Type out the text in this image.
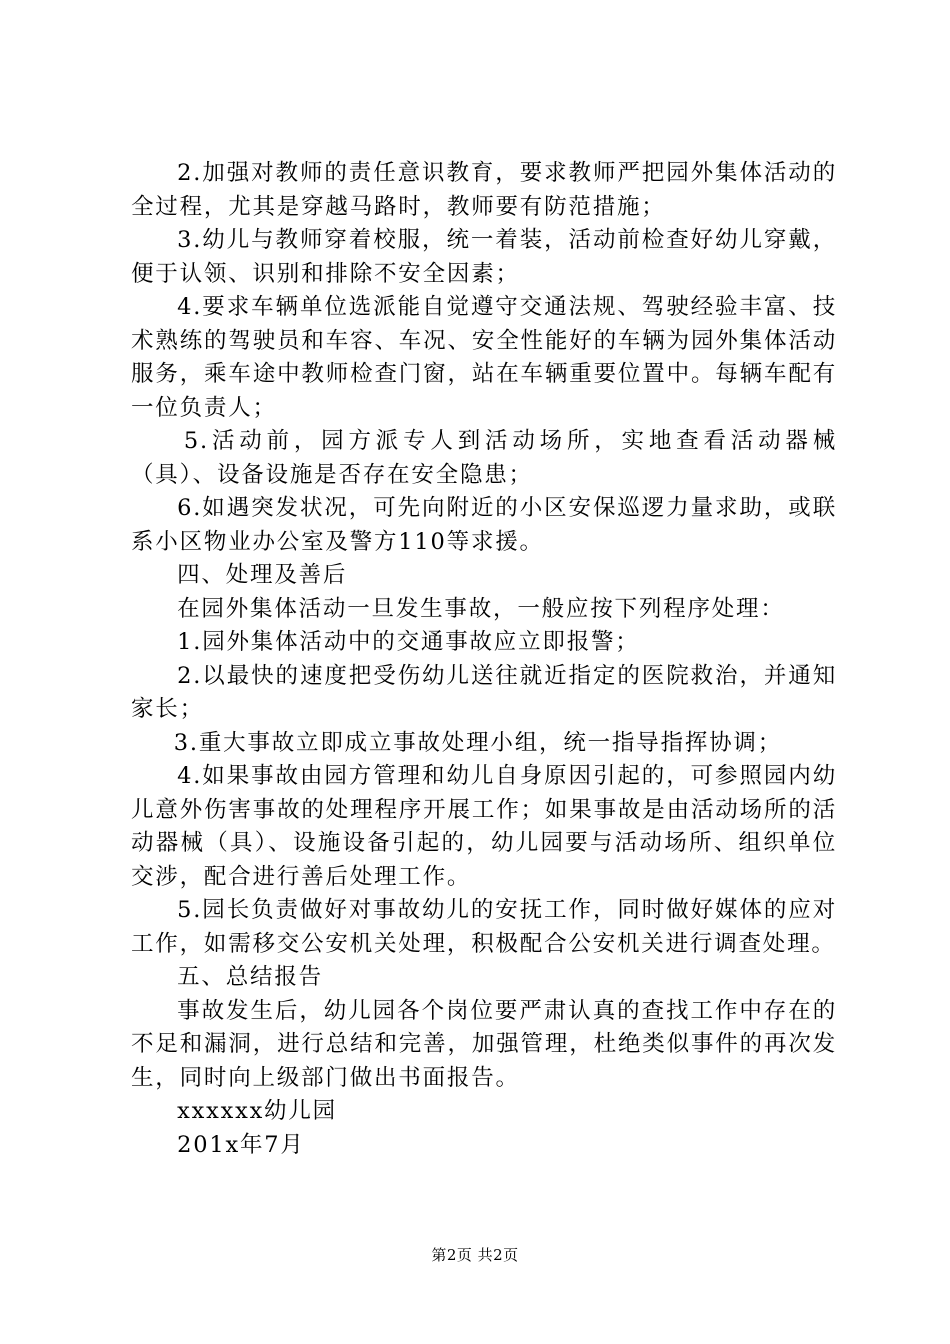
2.加强对教师的责任意识教育，要求教师严把园外集体活动的全过程，尤其是穿越马路时，教师要有防范措施；

3.幼儿与教师穿着校服，统一着装，活动前检查好幼儿穿戴，便于认领、识别和排除不安全因素；

4.要求车辆单位选派能自觉遵守交通法规、驾驶经验丰富、技术熟练的驾驶员和车容、车况、安全性能好的车辆为园外集体活动服务，乘车途中教师检查门窗，站在车辆重要位置中。每辆车配有一位负责人；

5.活动前，园方派专人到活动场所，实地查看活动器械（具）、设备设施是否存在安全隐患；

6.如遇突发状况，可先向附近的小区安保巡逻力量求助，或联系小区物业办公室及警方110等求援。

四、处理及善后

在园外集体活动一旦发生事故，一般应按下列程序处理：

1.园外集体活动中的交通事故应立即报警；

2.以最快的速度把受伤幼儿送往就近指定的医院救治，并通知家长；

3.重大事故立即成立事故处理小组，统一指导指挥协调；

4.如果事故由园方管理和幼儿自身原因引起的，可参照园内幼儿意外伤害事故的处理程序开展工作；如果事故是由活动场所的活动器械（具）、设施设备引起的，幼儿园要与活动场所、组织单位交涉，配合进行善后处理工作。

5.园长负责做好对事故幼儿的安抚工作，同时做好媒体的应对工作，如需移交公安机关处理，积极配合公安机关进行调查处理。

五、总结报告

事故发生后，幼儿园各个岗位要严肃认真的查找工作中存在的不足和漏洞，进行总结和完善，加强管理，杜绝类似事件的再次发生，同时向上级部门做出书面报告。

xxxxxx幼儿园

201x年7月

第2页 共2页
